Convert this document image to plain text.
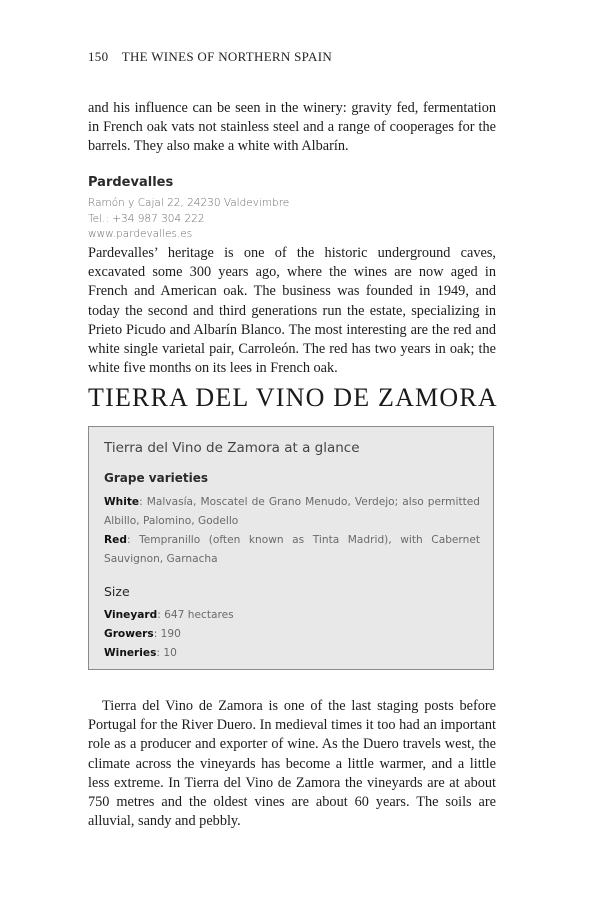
150 THE WINES OF NORTHERN SPAIN

and his influence can be seen in the winery: gravity fed, fermentation in French oak vats not stainless steel and a range of cooperages for the barrels. They also make a white with Albarín.

Pardevalles
Ramón y Cajal 22, 24230 Valdevimbre
Tel.: +34 987 304 222
www.pardevalles.es

Pardevalles’ heritage is one of the historic underground caves, excavated some 300 years ago, where the wines are now aged in French and American oak. The business was founded in 1949, and today the second and third generations run the estate, specializing in Prieto Picudo and Albarín Blanco. The most interesting are the red and white single varietal pair, Carroleón. The red has two years in oak; the white five months on its lees in French oak.

TIERRA DEL VINO DE ZAMORA
Tierra del Vino de Zamora at a glance
Grape varieties
White: Malvasía, Moscatel de Grano Menudo, Verdejo; also permitted Albillo, Palomino, Godello
Red: Tempranillo (often known as Tinta Madrid), with Cabernet Sauvignon, Garnacha
Size
Vineyard: 647 hectares
Growers: 190
Wineries: 10

Tierra del Vino de Zamora is one of the last staging posts before Portugal for the River Duero. In medieval times it too had an important role as a producer and exporter of wine. As the Duero travels west, the climate across the vineyards has become a little warmer, and a little less extreme. In Tierra del Vino de Zamora the vineyards are at about 750 metres and the oldest vines are about 60 years. The soils are alluvial, sandy and pebbly.
